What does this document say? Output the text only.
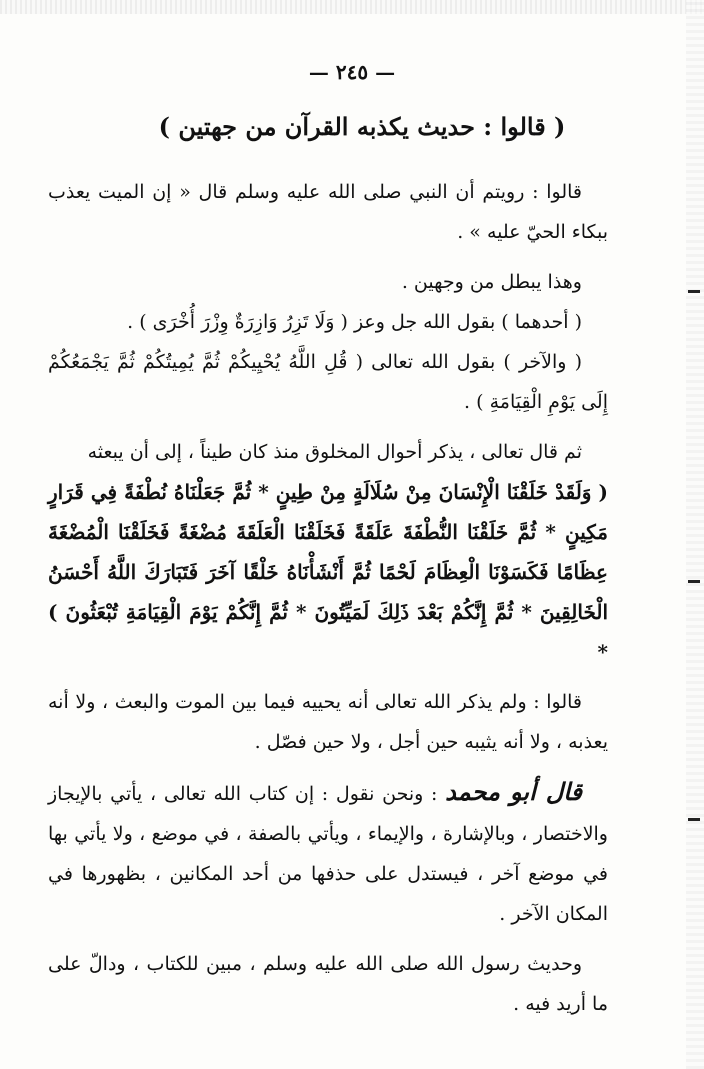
— ٢٤٥ —
( قالوا : حديث يكذبه القرآن من جهتين )

قالوا : رويتم أن النبي صلى الله عليه وسلم قال « إن الميت يعذب ببكاء الحيّ عليه » .

وهذا يبطل من وجهين .

( أحدهما ) بقول الله جل وعز ( وَلَا تَزِرُ وَازِرَةٌ وِزْرَ أُخْرَى ) .

( والآخر ) بقول الله تعالى ( قُلِ اللَّهُ يُحْيِيكُمْ ثُمَّ يُمِيتُكُمْ ثُمَّ يَجْمَعُكُمْ إِلَى يَوْمِ الْقِيَامَةِ ) .

ثم قال تعالى ، يذكر أحوال المخلوق منذ كان طيناً ، إلى أن يبعثه

( وَلَقَدْ خَلَقْنَا الْإِنْسَانَ مِنْ سُلَالَةٍ مِنْ طِينٍ * ثُمَّ جَعَلْنَاهُ نُطْفَةً فِي قَرَارٍ مَكِينٍ * ثُمَّ خَلَقْنَا النُّطْفَةَ عَلَقَةً فَخَلَقْنَا الْعَلَقَةَ مُضْغَةً فَخَلَقْنَا الْمُضْغَةَ عِظَامًا فَكَسَوْنَا الْعِظَامَ لَحْمًا ثُمَّ أَنْشَأْنَاهُ خَلْقًا آخَرَ فَتَبَارَكَ اللَّهُ أَحْسَنُ الْخَالِقِينَ * ثُمَّ إِنَّكُمْ بَعْدَ ذَلِكَ لَمَيِّتُونَ * ثُمَّ إِنَّكُمْ يَوْمَ الْقِيَامَةِ تُبْعَثُونَ ) *

قالوا : ولم يذكر الله تعالى أنه يحييه فيما بين الموت والبعث ، ولا أنه يعذبه ، ولا أنه يثيبه حين أجل ، ولا حين فصّل .

قال أبو محمد : ونحن نقول : إن كتاب الله تعالى ، يأتي بالإيجاز والاختصار ، وبالإشارة ، والإيماء ، ويأتي بالصفة ، في موضع ، ولا يأتي بها في موضع آخر ، فيستدل على حذفها من أحد المكانين ، بظهورها في المكان الآخر .

وحديث رسول الله صلى الله عليه وسلم ، مبين للكتاب ، ودالّ على ما أريد فيه .
